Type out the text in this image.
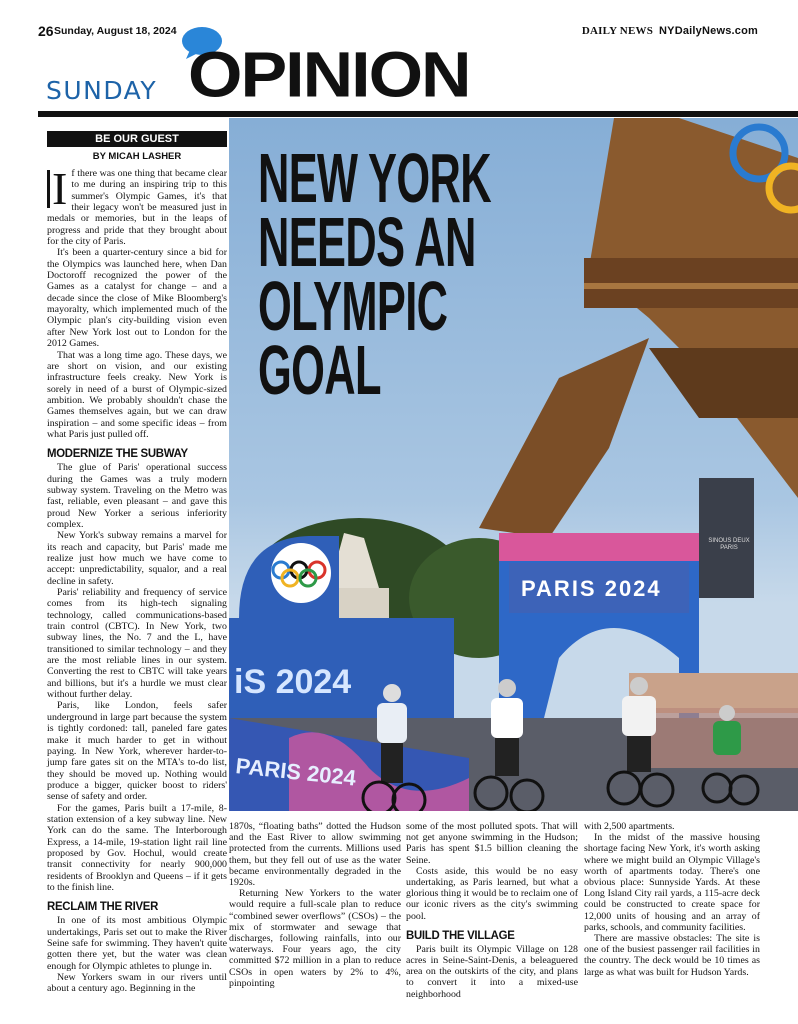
26 Sunday, August 18, 2024	DAILY NEWS NYDailyNews.com
SUNDAY OPINION
BE OUR GUEST
BY MICAH LASHER

I f there was one thing that became clear to me during an inspiring trip to this summer's Olympic Games, it's that their legacy won't be measured just in medals or memories, but in the leaps of progress and pride that they brought about for the city of Paris.

It's been a quarter-century since a bid for the Olympics was launched here, when Dan Doctoroff recognized the power of the Games as a catalyst for change – and a decade since the close of Mike Bloomberg's mayoralty, which implemented much of the Olympic plan's city-building vision even after New York lost out to London for the 2012 Games.

That was a long time ago. These days, we are short on vision, and our existing infrastructure feels creaky. New York is sorely in need of a burst of Olympic-sized ambition. We probably shouldn't chase the Games themselves again, but we can draw inspiration – and some specific ideas – from what Paris just pulled off.

MODERNIZE THE SUBWAY

The glue of Paris' operational success during the Games was a truly modern subway system. Traveling on the Metro was fast, reliable, even pleasant – and gave this proud New Yorker a serious inferiority complex.

New York's subway remains a marvel for its reach and capacity, but Paris' made me realize just how much we have come to accept: unpredictability, squalor, and a real decline in safety.

Paris' reliability and frequency of service comes from its high-tech signaling technology, called communications-based train control (CBTC). In New York, two subway lines, the No. 7 and the L, have transitioned to similar technology – and they are the most reliable lines in our system. Converting the rest to CBTC will take years and billions, but it's a hurdle we must clear without further delay.

Paris, like London, feels safer underground in large part because the system is tightly cordoned: tall, paneled fare gates make it much harder to get in without paying. In New York, wherever harder-to-jump fare gates sit on the MTA's to-do list, they should be moved up. Nothing would produce a bigger, quicker boost to riders' sense of safety and order.

For the games, Paris built a 17-mile, 8-station extension of a key subway line. New York can do the same. The Interborough Express, a 14-mile, 19-station light rail line proposed by Gov. Hochul, would create transit connectivity for nearly 900,000 residents of Brooklyn and Queens – if it gets to the finish line.

RECLAIM THE RIVER

In one of its most ambitious Olympic undertakings, Paris set out to make the River Seine safe for swimming. They haven't quite gotten there yet, but the water was clean enough for Olympic athletes to plunge in.

New Yorkers swam in our rivers until about a century ago. Beginning in the

iS 2024
PARIS 2024
PARIS 2024
SINOUS DEUX PARIS
NEW YORK
NEEDS AN
OLYMPIC
GOAL

1870s, “floating baths” dotted the Hudson and the East River to allow swimming protected from the currents. Millions used them, but they fell out of use as the water became environmentally degraded in the 1920s.

Returning New Yorkers to the water would require a full-scale plan to reduce “combined sewer overflows” (CSOs) – the mix of stormwater and sewage that discharges, following rainfalls, into our waterways. Four years ago, the city committed $72 million in a plan to reduce CSOs in open waters by 2% to 4%, pinpointing

some of the most polluted spots. That will not get anyone swimming in the Hudson; Paris has spent $1.5 billion cleaning the Seine.

Costs aside, this would be no easy undertaking, as Paris learned, but what a glorious thing it would be to reclaim one of our iconic rivers as the city's swimming pool.

BUILD THE VILLAGE

Paris built its Olympic Village on 128 acres in Seine-Saint-Denis, a beleaguered area on the outskirts of the city, and plans to convert it into a mixed-use neighborhood

with 2,500 apartments.

In the midst of the massive housing shortage facing New York, it's worth asking where we might build an Olympic Village's worth of apartments today. There's one obvious place: Sunnyside Yards. At these Long Island City rail yards, a 115-acre deck could be constructed to create space for 12,000 units of housing and an array of parks, schools, and community facilities.

There are massive obstacles: The site is one of the busiest passenger rail facilities in the country. The deck would be 10 times as large as what was built for Hudson Yards.
